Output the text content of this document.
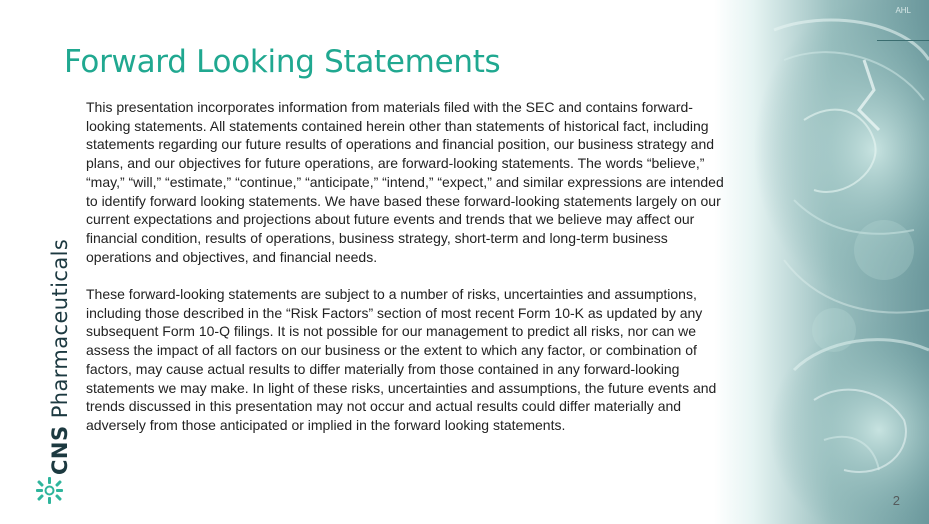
AHL
Forward Looking Statements

This presentation incorporates information from materials filed with the SEC and contains forward-looking statements. All statements contained herein other than statements of historical fact, including statements regarding our future results of operations and financial position, our business strategy and plans, and our objectives for future operations, are forward-looking statements. The words “believe,” “may,” “will,” “estimate,” “continue,” “anticipate,” “intend,” “expect,” and similar expressions are intended to identify forward looking statements. We have based these forward-looking statements largely on our current expectations and projections about future events and trends that we believe may affect our financial condition, results of operations, business strategy, short-term and long-term business operations and objectives, and financial needs.

These forward-looking statements are subject to a number of risks, uncertainties and assumptions, including those described in the “Risk Factors” section of most recent Form 10-K as updated by any subsequent Form 10-Q filings. It is not possible for our management to predict all risks, nor can we assess the impact of all factors on our business or the extent to which any factor, or combination of factors, may cause actual results to differ materially from those contained in any forward-looking statements we may make. In light of these risks, uncertainties and assumptions, the future events and trends discussed in this presentation may not occur and actual results could differ materially and adversely from those anticipated or implied in the forward looking statements.

CNS Pharmaceuticals
2
